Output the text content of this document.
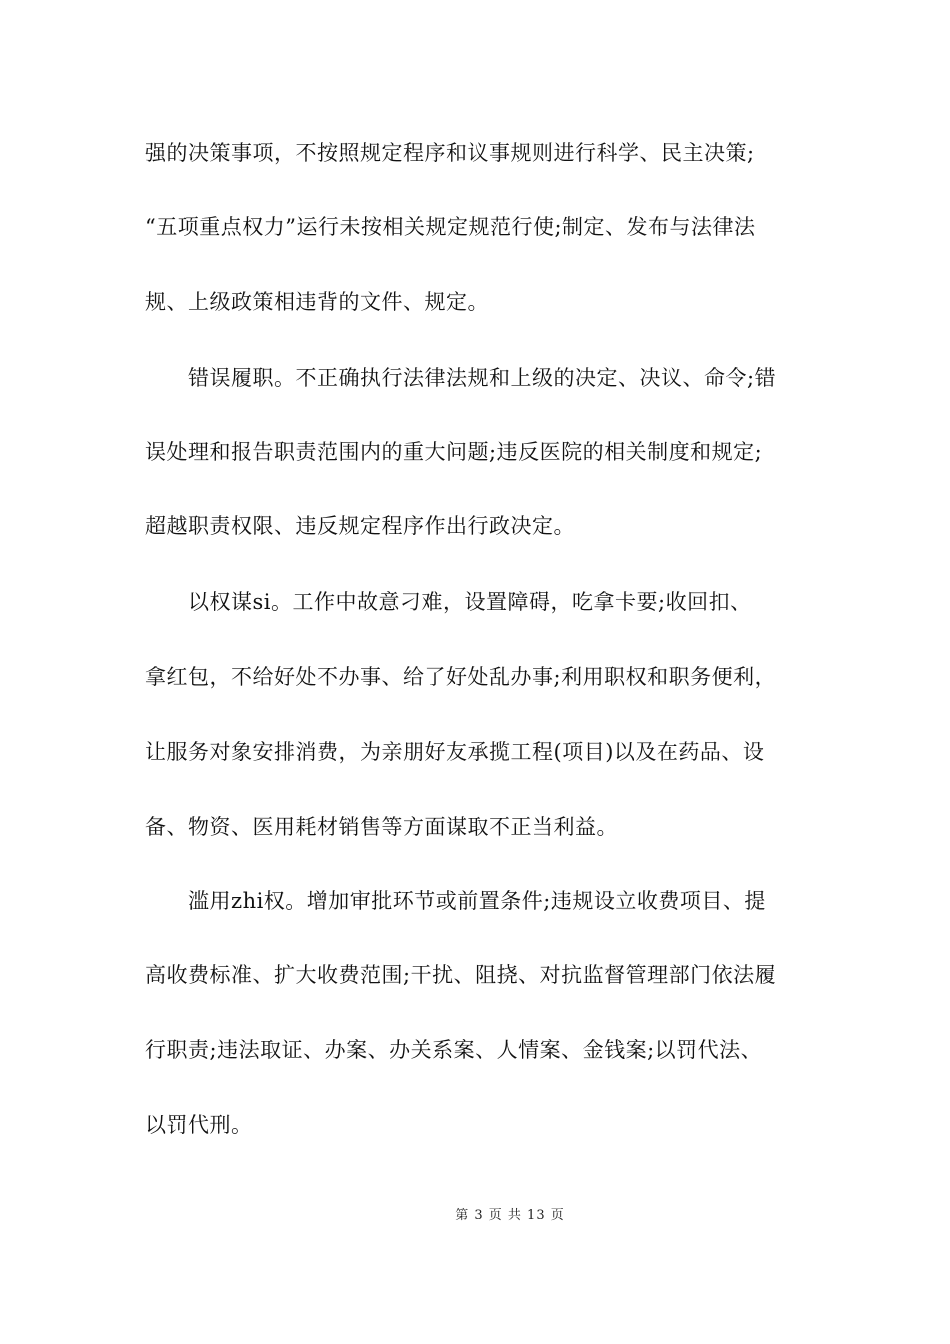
强的决策事项，不按照规定程序和议事规则进行科学、民主决策;
“五项重点权力”运行未按相关规定规范行使;制定、发布与法律法
规、上级政策相违背的文件、规定。
错误履职。不正确执行法律法规和上级的决定、决议、命令;错
误处理和报告职责范围内的重大问题;违反医院的相关制度和规定;
超越职责权限、违反规定程序作出行政决定。
以权谋si。工作中故意刁难，设置障碍，吃拿卡要;收回扣、
拿红包，不给好处不办事、给了好处乱办事;利用职权和职务便利，
让服务对象安排消费，为亲朋好友承揽工程(项目)以及在药品、设
备、物资、医用耗材销售等方面谋取不正当利益。
滥用zhi权。增加审批环节或前置条件;违规设立收费项目、提
高收费标准、扩大收费范围;干扰、阻挠、对抗监督管理部门依法履
行职责;违法取证、办案、办关系案、人情案、金钱案;以罚代法、
以罚代刑。
第 3 页 共 13 页
